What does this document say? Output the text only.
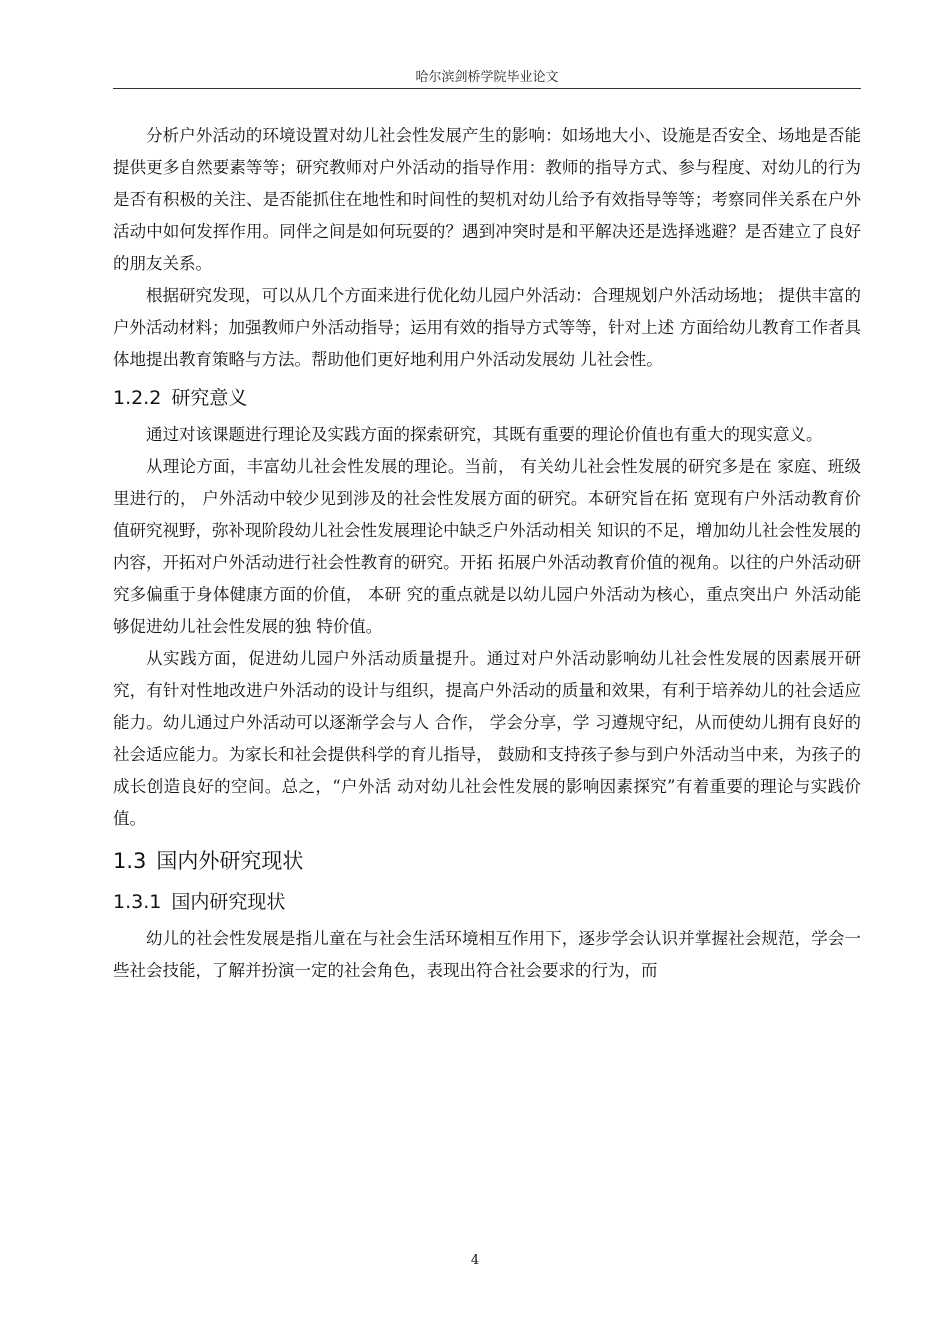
哈尔滨剑桥学院毕业论文

分析户外活动的环境设置对幼儿社会性发展产生的影响：如场地大小、设施是否安全、场地是否能提供更多自然要素等等；研究教师对户外活动的指导作用：教师的指导方式、参与程度、对幼儿的行为是否有积极的关注、是否能抓住在地性和时间性的契机对幼儿给予有效指导等等；考察同伴关系在户外活动中如何发挥作用。同伴之间是如何玩耍的？遇到冲突时是和平解决还是选择逃避？是否建立了良好的朋友关系。

根据研究发现，可以从几个方面来进行优化幼儿园户外活动：合理规划户外活动场地； 提供丰富的户外活动材料；加强教师户外活动指导；运用有效的指导方式等等，针对上述 方面给幼儿教育工作者具体地提出教育策略与方法。帮助他们更好地利用户外活动发展幼 儿社会性。

1.2.2 研究意义

通过对该课题进行理论及实践方面的探索研究，其既有重要的理论价值也有重大的现实意义。

从理论方面，丰富幼儿社会性发展的理论。当前， 有关幼儿社会性发展的研究多是在 家庭、班级里进行的， 户外活动中较少见到涉及的社会性发展方面的研究。本研究旨在拓 宽现有户外活动教育价值研究视野，弥补现阶段幼儿社会性发展理论中缺乏户外活动相关 知识的不足，增加幼儿社会性发展的内容，开拓对户外活动进行社会性教育的研究。开拓 拓展户外活动教育价值的视角。以往的户外活动研究多偏重于身体健康方面的价值， 本研 究的重点就是以幼儿园户外活动为核心，重点突出户 外活动能够促进幼儿社会性发展的独 特价值。

从实践方面，促进幼儿园户外活动质量提升。通过对户外活动影响幼儿社会性发展的因素展开研究，有针对性地改进户外活动的设计与组织，提高户外活动的质量和效果，有利于培养幼儿的社会适应能力。幼儿通过户外活动可以逐渐学会与人 合作， 学会分享，学 习遵规守纪，从而使幼儿拥有良好的社会适应能力。为家长和社会提供科学的育儿指导， 鼓励和支持孩子参与到户外活动当中来，为孩子的成长创造良好的空间。总之，“户外活 动对幼儿社会性发展的影响因素探究”有着重要的理论与实践价值。

1.3 国内外研究现状
1.3.1 国内研究现状

幼儿的社会性发展是指儿童在与社会生活环境相互作用下，逐步学会认识并掌握社会规范，学会一些社会技能，了解并扮演一定的社会角色，表现出符合社会要求的行为，而

4
